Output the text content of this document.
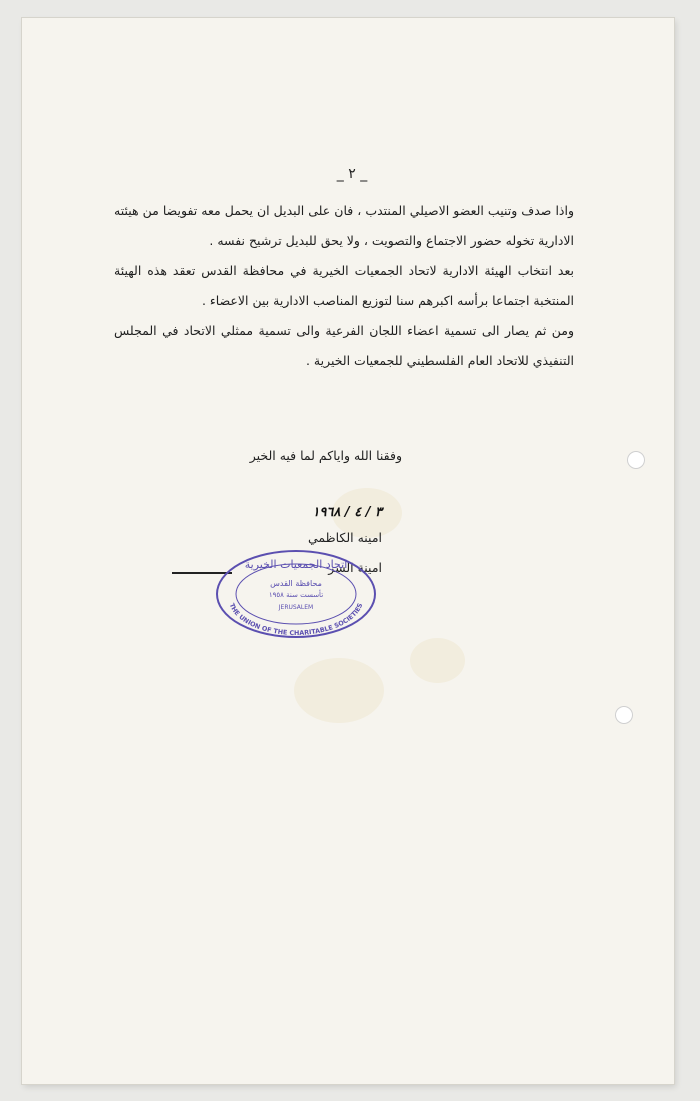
_ ٢ _

واذا صدف وتنيب العضو الاصيلي المنتدب ، فان على البديل ان يحمل معه تفويضا من هيئته الادارية تخوله حضور الاجتماع والتصويت ، ولا يحق للبديل ترشيح نفسه .

بعد انتخاب الهيئة الادارية لاتحاد الجمعيات الخيرية في محافظة القدس تعقد هذه الهيئة المنتخبة اجتماعا برأسه اكبرهم سنا لتوزيع المناصب الادارية بين الاعضاء .

ومن ثم يصار الى تسمية اعضاء اللجان الفرعية والى تسمية ممثلي الاتحاد في المجلس التنفيذي للاتحاد العام الفلسطيني للجمعيات الخيرية .

وفقنا الله واياكم لما فيه الخير
٣ / ٤ / ١٩٦٨
امينه الكاظمي
امينة السر
اتحاد الجمعيات الخيرية
محافظة القدس
تأسست سنة ١٩٥٨
JERUSALEM
THE UNION OF THE CHARITABLE SOCIETIES
